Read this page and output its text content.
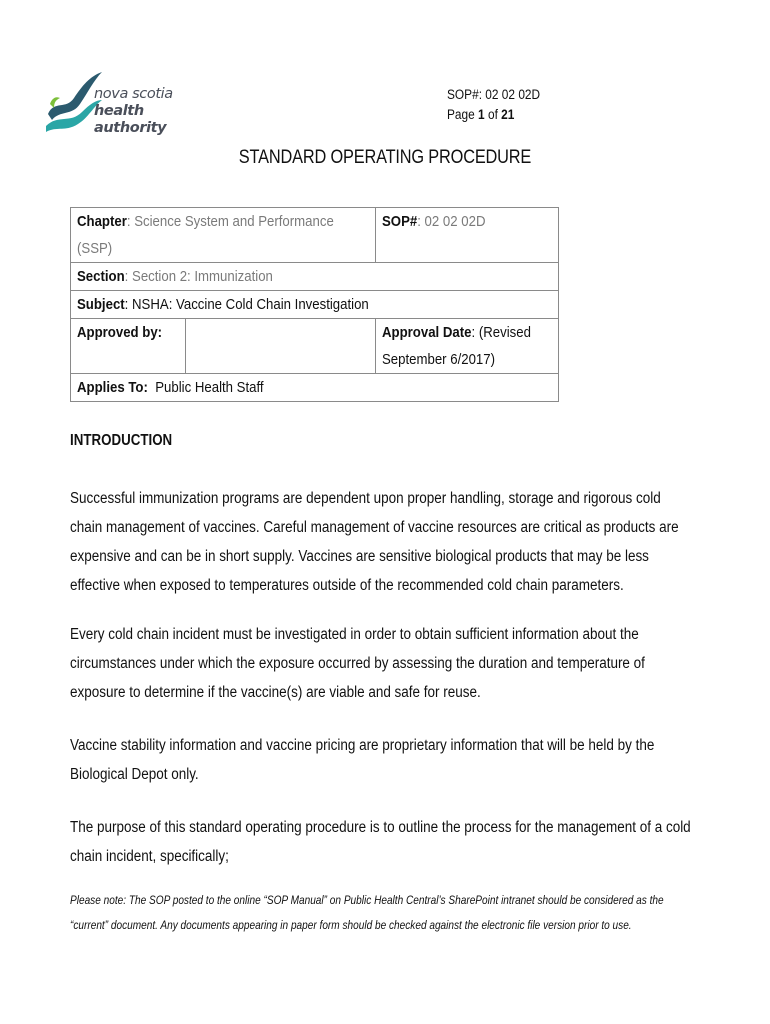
nova scotia
health authority
SOP#: 02 02 02D
Page 1 of 21
STANDARD OPERATING PROCEDURE
Chapter: Science System and Performance
(SSP)		SOP#: 02 02 02D
Section: Section 2: Immunization		
Subject: NSHA: Vaccine Cold Chain Investigation		
Approved by:		Approval Date: (Revised
September 6/2017)
Applies To:  Public Health Staff		
INTRODUCTION
Successful immunization programs are dependent upon proper handling, storage and rigorous cold chain management of vaccines. Careful management of vaccine resources are critical as products are expensive and can be in short supply. Vaccines are sensitive biological products that may be less effective when exposed to temperatures outside of the recommended cold chain parameters.
Every cold chain incident must be investigated in order to obtain sufficient information about the circumstances under which the exposure occurred by assessing the duration and temperature of exposure to determine if the vaccine(s) are viable and safe for reuse.
Vaccine stability information and vaccine pricing are proprietary information that will be held by the Biological Depot only.
The purpose of this standard operating procedure is to outline the process for the management of a cold chain incident, specifically;
Please note: The SOP posted to the online “SOP Manual” on Public Health Central’s SharePoint intranet should be considered as the “current” document. Any documents appearing in paper form should be checked against the electronic file version prior to use.
